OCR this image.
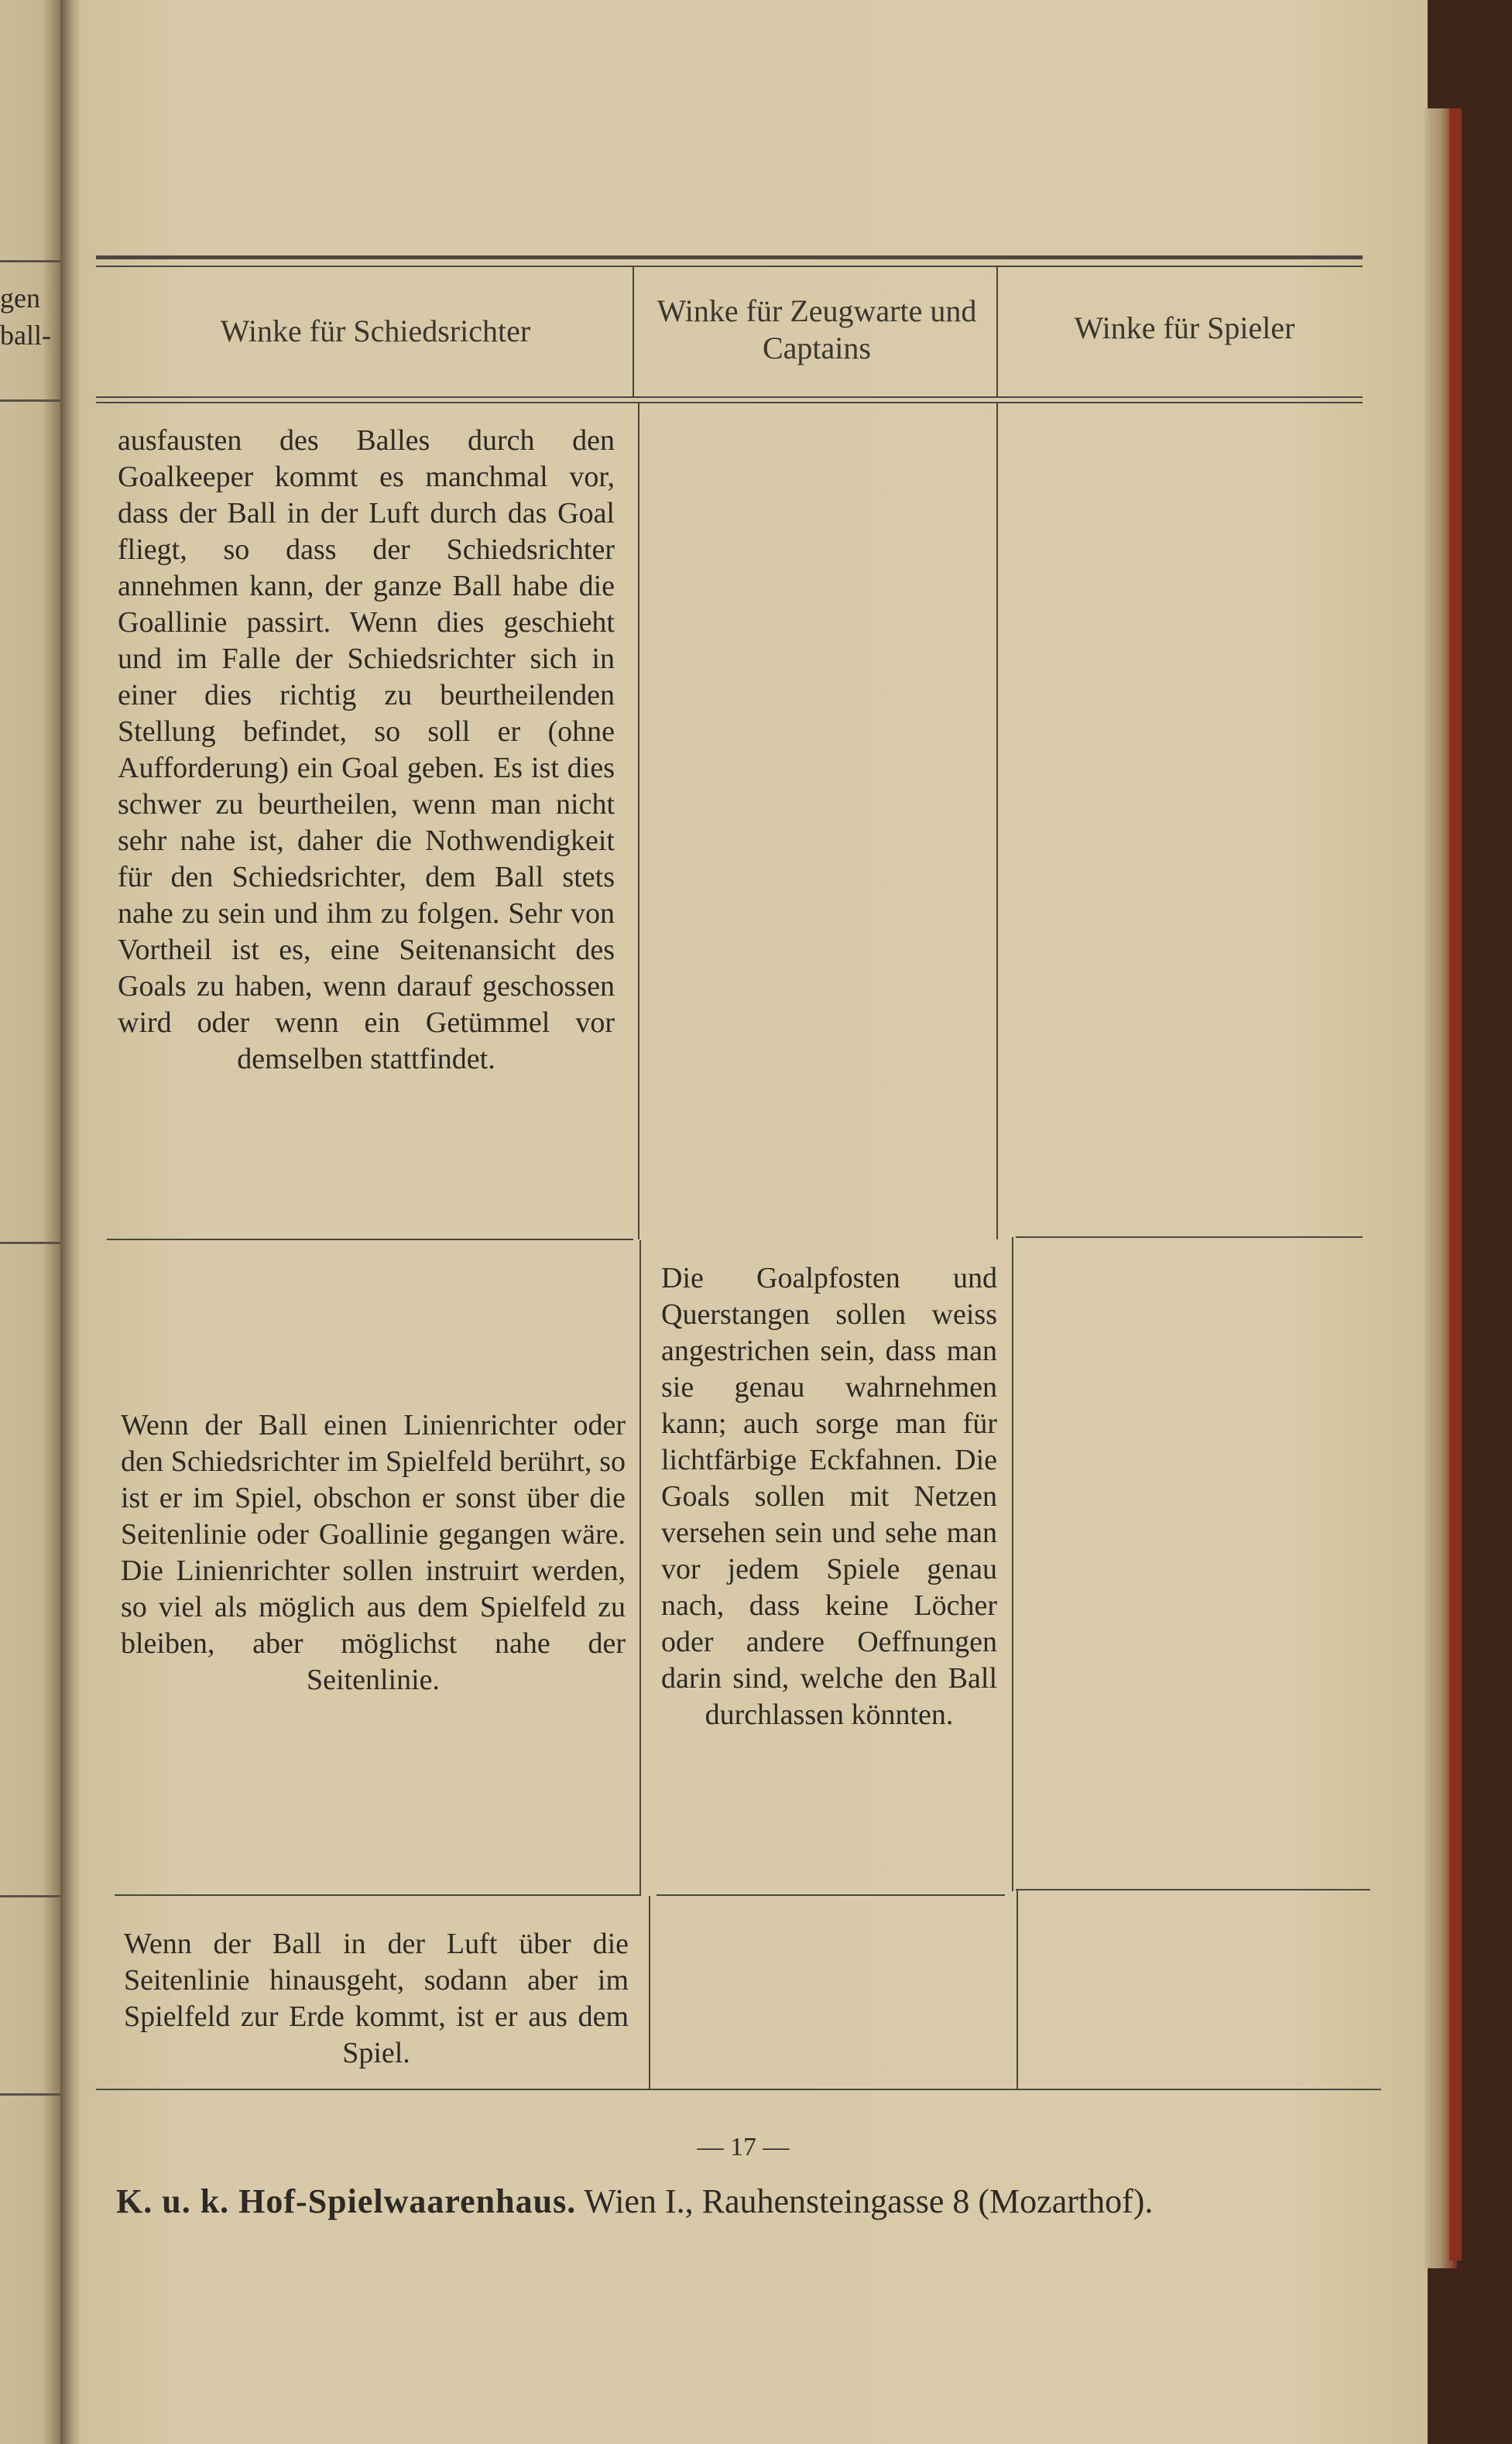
gen
ball-	Winke für Schiedsrichter
Winke für Zeugwarte und Captains
Winke für Spieler
ausfausten des Balles durch den Goalkeeper kommt es manchmal vor, dass der Ball in der Luft durch das Goal fliegt, so dass der Schiedsrichter annehmen kann, der ganze Ball habe die Goallinie passirt. Wenn dies geschieht und im Falle der Schiedsrichter sich in einer dies richtig zu beurtheilenden Stellung befindet, so soll er (ohne Aufforderung) ein Goal geben. Es ist dies schwer zu beurtheilen, wenn man nicht sehr nahe ist, daher die Nothwendigkeit für den Schiedsrichter, dem Ball stets nahe zu sein und ihm zu folgen. Sehr von Vortheil ist es, eine Seitenansicht des Goals zu haben, wenn darauf geschossen wird oder wenn ein Getümmel vor demselben stattfindet.
Wenn der Ball einen Linienrichter oder den Schiedsrichter im Spielfeld berührt, so ist er im Spiel, obschon er sonst über die Seitenlinie oder Goallinie gegangen wäre. Die Linienrichter sollen instruirt werden, so viel als möglich aus dem Spielfeld zu bleiben, aber möglichst nahe der Seitenlinie.
Die Goalpfosten und Querstangen sollen weiss angestrichen sein, dass man sie genau wahrnehmen kann; auch sorge man für lichtfärbige Eckfahnen. Die Goals sollen mit Netzen versehen sein und sehe man vor jedem Spiele genau nach, dass keine Löcher oder andere Oeffnungen darin sind, welche den Ball durchlassen könnten.
Wenn der Ball in der Luft über die Seitenlinie hinausgeht, sodann aber im Spielfeld zur Erde kommt, ist er aus dem Spiel.
— 17 —
K. u. k. Hof-Spielwaarenhaus. Wien I., Rauhensteingasse 8 (Mozarthof).
